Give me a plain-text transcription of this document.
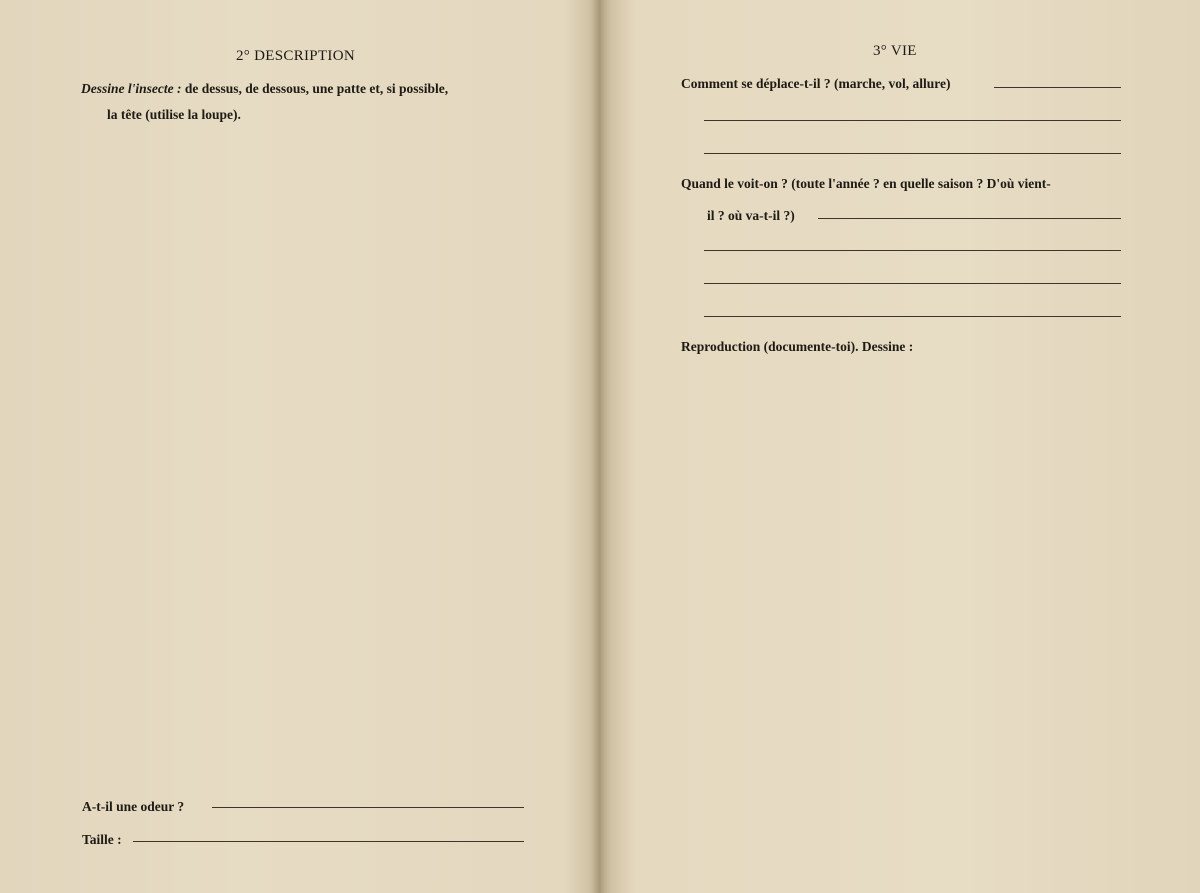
2° DESCRIPTION
Dessine l'insecte : de dessus, de dessous, une patte et, si possible,
la tête (utilise la loupe).
A-t-il une odeur ?
Taille :
3° VIE
Comment se déplace-t-il ? (marche, vol, allure)
Quand le voit-on ? (toute l'année ? en quelle saison ? D'où vient-
il ? où va-t-il ?)
Reproduction (documente-toi). Dessine :
